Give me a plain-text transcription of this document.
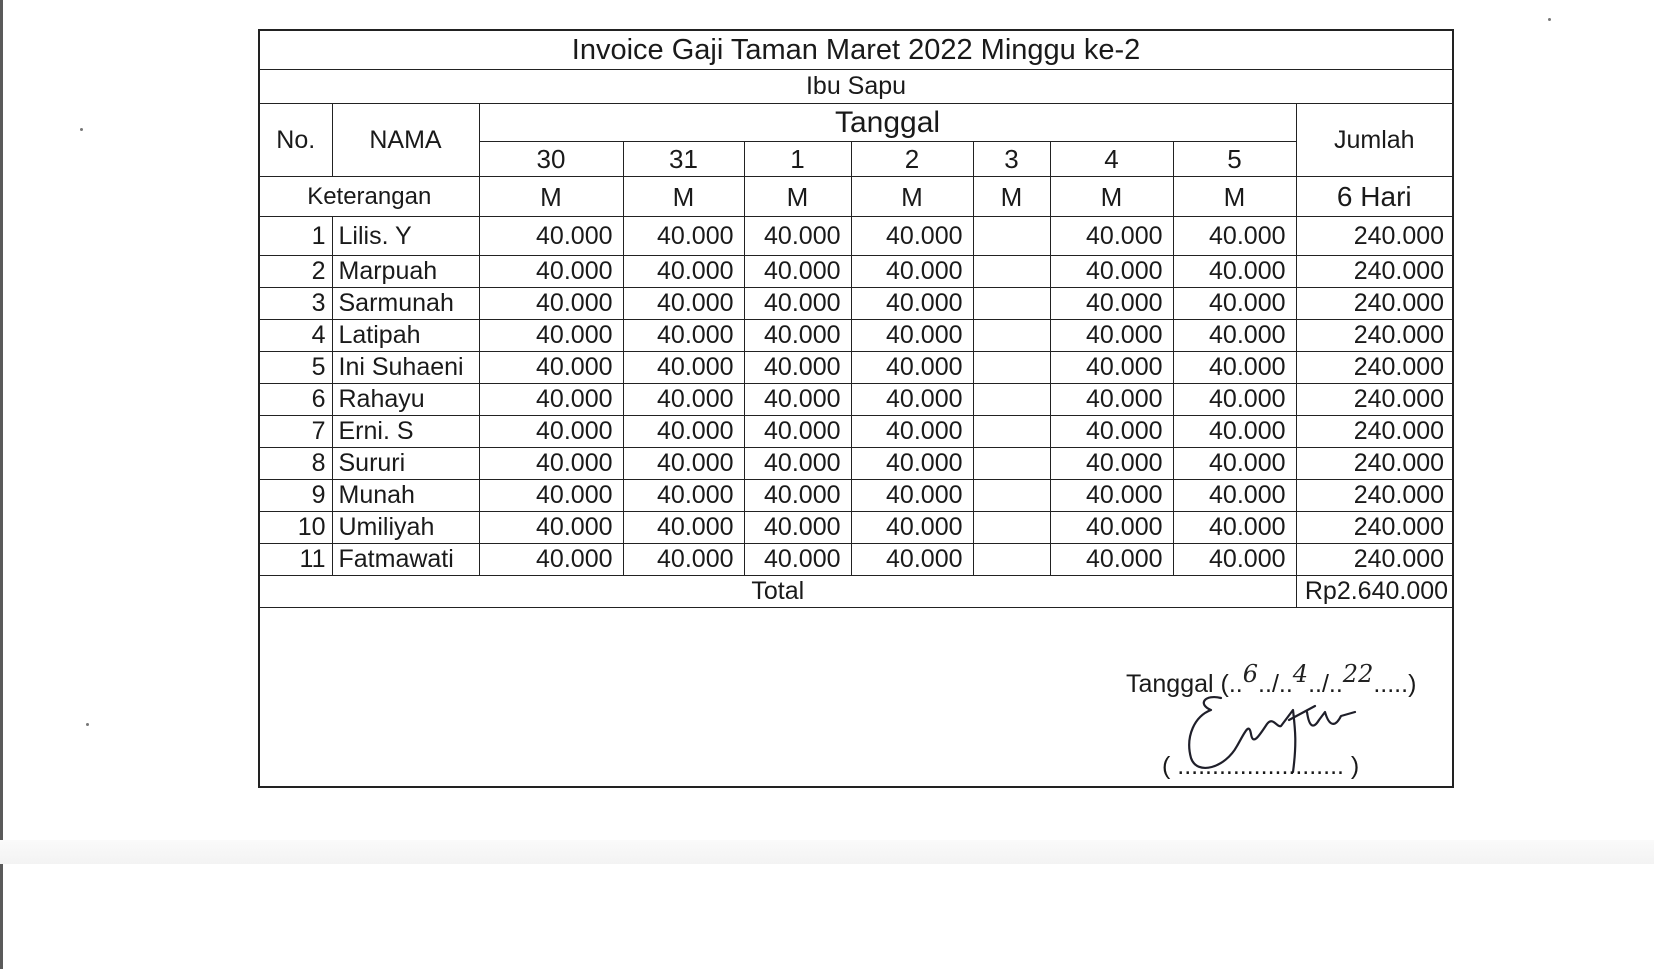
Invoice Gaji Taman Maret 2022 Minggu ke-2									
Ibu Sapu									
No.	NAMA	Tanggal							Jumlah
		30	31	1	2	3	4	5	
Keterangan		M	M	M	M	M	M	M	6 Hari
1	Lilis. Y	40.000	40.000	40.000	40.000		40.000	40.000	240.000
2	Marpuah	40.000	40.000	40.000	40.000		40.000	40.000	240.000
3	Sarmunah	40.000	40.000	40.000	40.000		40.000	40.000	240.000
4	Latipah	40.000	40.000	40.000	40.000		40.000	40.000	240.000
5	Ini Suhaeni	40.000	40.000	40.000	40.000		40.000	40.000	240.000
6	Rahayu	40.000	40.000	40.000	40.000		40.000	40.000	240.000
7	Erni. S	40.000	40.000	40.000	40.000		40.000	40.000	240.000
8	Sururi	40.000	40.000	40.000	40.000		40.000	40.000	240.000
9	Munah	40.000	40.000	40.000	40.000		40.000	40.000	240.000
10	Umiliyah	40.000	40.000	40.000	40.000		40.000	40.000	240.000
11	Fatmawati	40.000	40.000	40.000	40.000		40.000	40.000	240.000
Total									Rp2.640.000
Tanggal (..6../..4../..22.....)
( ........................ )
